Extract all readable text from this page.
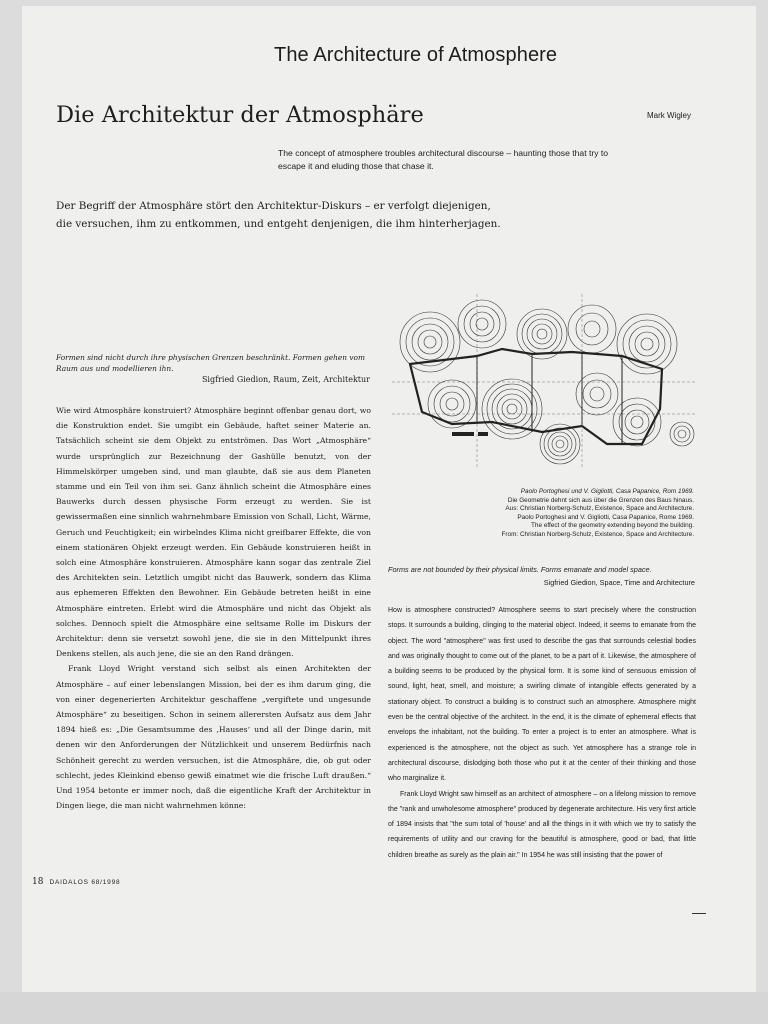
The Architecture of Atmosphere
Die Architektur der Atmosphäre	Mark Wigley
The concept of atmosphere troubles architectural discourse – haunting those that try to escape it and eluding those that chase it.
Der Begriff der Atmosphäre stört den Architektur-Diskurs – er verfolgt diejenigen, die versuchen, ihm zu entkommen, und entgeht denjenigen, die ihm hinterherjagen.
Formen sind nicht durch ihre physischen Grenzen beschränkt. Formen gehen vom Raum aus und modellieren ihn.
Sigfried Giedion, Raum, Zeit, Architektur

Wie wird Atmosphäre konstruiert? Atmosphäre beginnt offenbar genau dort, wo die Konstruktion endet. Sie umgibt ein Gebäude, haftet seiner Materie an. Tatsächlich scheint sie dem Objekt zu entströmen. Das Wort „Atmosphäre“ wurde ursprünglich zur Bezeichnung der Gashülle benutzt, von der Himmelskörper umgeben sind, und man glaubte, daß sie aus dem Planeten stamme und ein Teil von ihm sei. Ganz ähnlich scheint die Atmosphäre eines Bauwerks durch dessen physische Form erzeugt zu werden. Sie ist gewissermaßen eine sinnlich wahrnehmbare Emission von Schall, Licht, Wärme, Geruch und Feuchtigkeit; ein wirbelndes Klima nicht greifbarer Effekte, die von einem stationären Objekt erzeugt werden. Ein Gebäude konstruieren heißt in solch eine Atmosphäre konstruieren. Atmosphäre kann sogar das zentrale Ziel des Architekten sein. Letztlich umgibt nicht das Bauwerk, sondern das Klima aus ephemeren Effekten den Bewohner. Ein Gebäude betreten heißt in eine Atmosphäre eintreten. Erlebt wird die Atmosphäre und nicht das Objekt als solches. Dennoch spielt die Atmosphäre eine seltsame Rolle im Diskurs der Architektur: denn sie versetzt sowohl jene, die sie in den Mittelpunkt ihres Denkens stellen, als auch jene, die sie an den Rand drängen.

Frank Lloyd Wright verstand sich selbst als einen Architekten der Atmosphäre – auf einer lebenslangen Mission, bei der es ihm darum ging, die von einer degenerierten Architektur geschaffene „vergiftete und ungesunde Atmosphäre“ zu beseitigen. Schon in seinem allerersten Aufsatz aus dem Jahr 1894 hieß es: „Die Gesamtsumme des ‚Hauses‘ und all der Dinge darin, mit denen wir den Anforderungen der Nützlichkeit und unserem Bedürfnis nach Schönheit gerecht zu werden versuchen, ist die Atmosphäre, die, ob gut oder schlecht, jedes Kleinkind ebenso gewiß einatmet wie die frische Luft draußen.“ Und 1954 betonte er immer noch, daß die eigentliche Kraft der Architektur in Dingen liege, die man nicht wahrnehmen könne:

Paolo Portoghesi und V. Gigliotti, Casa Papanice, Rom 1969.
Die Geometrie dehnt sich aus über die Grenzen des Baus hinaus.
Aus: Christian Norberg-Schulz, Existence, Space and Architecture.
Paolo Portoghesi and V. Gigliotti, Casa Papanice, Rome 1969.
The effect of the geometry extending beyond the building.
From: Christian Norberg-Schulz, Existence, Space and Architecture.
Forms are not bounded by their physical limits. Forms emanate and model space.
Sigfried Giedion, Space, Time and Architecture

How is atmosphere constructed? Atmosphere seems to start precisely where the construction stops. It surrounds a building, clinging to the material object. Indeed, it seems to emanate from the object. The word "atmosphere" was first used to describe the gas that surrounds celestial bodies and was originally thought to come out of the planet, to be a part of it. Likewise, the atmosphere of a building seems to be produced by the physical form. It is some kind of sensuous emission of sound, light, heat, smell, and moisture; a swirling climate of intangible effects generated by a stationary object. To construct a building is to construct such an atmosphere. Atmosphere might even be the central objective of the architect. In the end, it is the climate of ephemeral effects that envelops the inhabitant, not the building. To enter a project is to enter an atmosphere. What is experienced is the atmosphere, not the object as such. Yet atmosphere has a strange role in architectural discourse, dislodging both those who put it at the center of their thinking and those who marginalize it.

Frank Lloyd Wright saw himself as an architect of atmosphere – on a lifelong mission to remove the "rank and unwholesome atmosphere" produced by degenerate architecture. His very first article of 1894 insists that "the sum total of 'house' and all the things in it with which we try to satisfy the requirements of utility and our craving for the beautiful is atmosphere, good or bad, that little children breathe as surely as the plain air." In 1954 he was still insisting that the power of

18 DAIDALOS 68/1998
